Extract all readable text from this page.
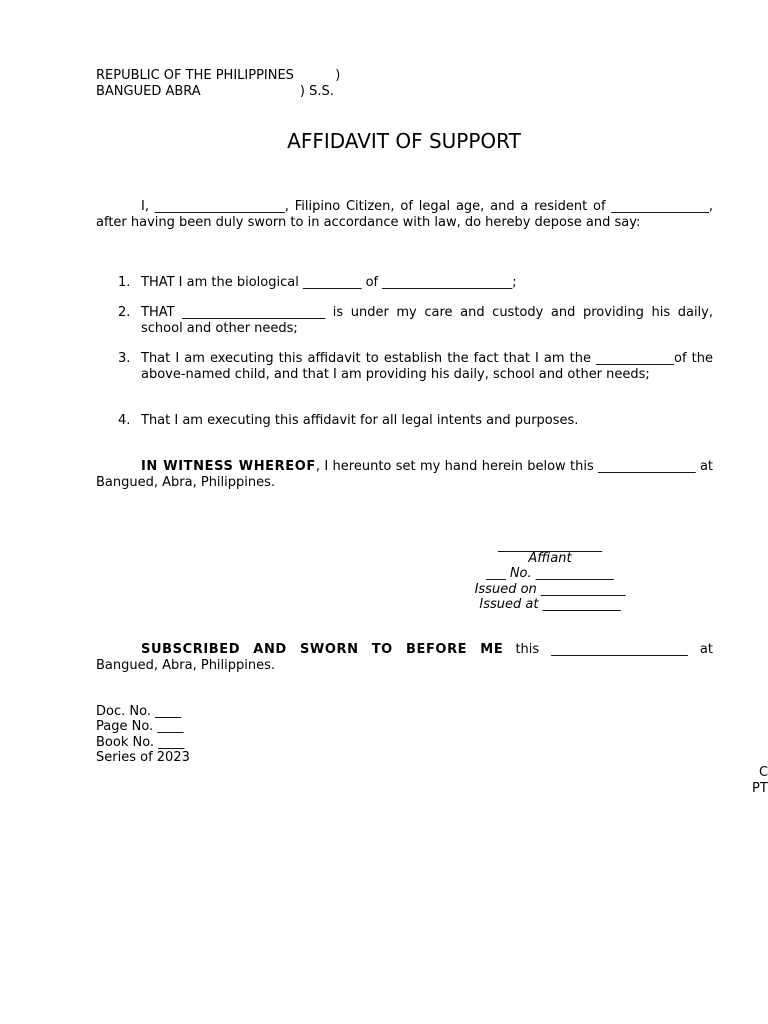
REPUBLIC OF THE PHILIPPINES          )
BANGUED ABRA                        ) S.S.
AFFIDAVIT OF SUPPORT
I, ____________________, Filipino Citizen, of legal age, and a resident of _______________, after having been duly sworn to in accordance with law, do hereby depose and say:
1. THAT I am the biological _________ of ____________________;
2. THAT ______________________ is under my care and custody and providing his daily, school and other needs;
3. That I am executing this affidavit to establish the fact that I am the ____________of the above-named child, and that I am providing his daily, school and other needs;
4. That I am executing this affidavit for all legal intents and purposes.
IN WITNESS WHEREOF, I hereunto set my hand herein below this _______________ at Bangued, Abra, Philippines.
________________
Affiant
___ No. ____________
Issued on _____________
Issued at ____________
SUBSCRIBED AND SWORN TO BEFORE ME this _____________________ at Bangued, Abra, Philippines.
Doc. No. ____
Page No. ____
Book No. ____
Series of 2023
C
PT
